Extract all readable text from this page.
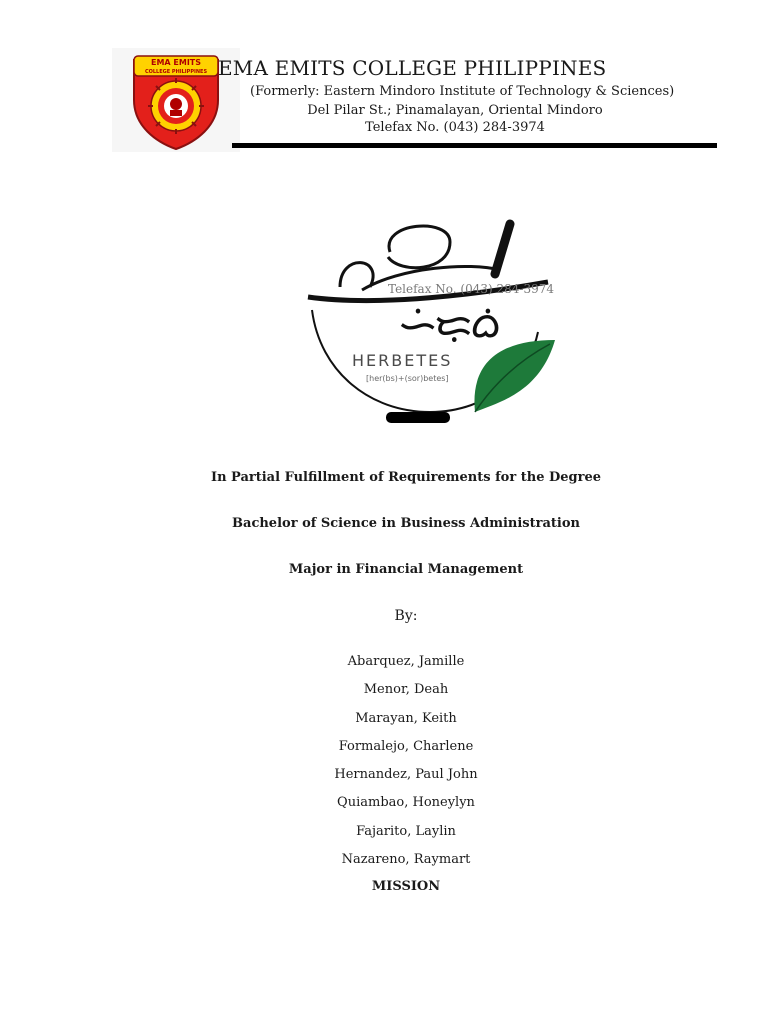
EMA EMITS
COLLEGE PHILIPPINES EMA EMITS COLLEGE PHILIPPINES
(Formerly: Eastern Mindoro Institute of Technology & Sciences)
Del Pilar St.; Pinamalayan, Oriental Mindoro
Telefax No. (043) 284-3974
ᜑᜒᜇᜓᜊᜒ
Telefax No. (043) 284-3974
HERBETES
[her(bs)+(sor)betes]
In Partial Fulfillment of Requirements for the Degree
Bachelor of Science in Business Administration
Major in Financial Management
By:
Abarquez, Jamille
Menor, Deah
Marayan, Keith
Formalejo, Charlene
Hernandez, Paul John
Quiambao, Honeylyn
Fajarito, Laylin
Nazareno, Raymart
MISSION
